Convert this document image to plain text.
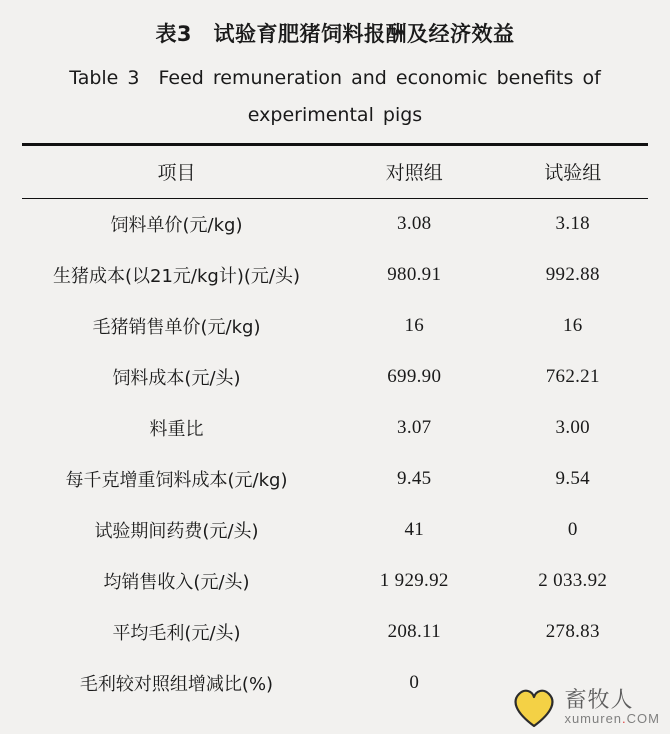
表3　试验育肥猪饲料报酬及经济效益
Table 3　Feed remuneration and economic benefits of
experimental pigs
项目	对照组	试验组
饲料单价(元/kg)	3.08	3.18
生猪成本(以21元/kg计)(元/头)	980.91	992.88
毛猪销售单价(元/kg)	16	16
饲料成本(元/头)	699.90	762.21
料重比	3.07	3.00
每千克增重饲料成本(元/kg)	9.45	9.54
试验期间药费(元/头)	41	0
均销售收入(元/头)	1 929.92	2 033.92
平均毛利(元/头)	208.11	278.83
毛利较对照组增减比(%)	0	
畜牧人
xumuren.COM
